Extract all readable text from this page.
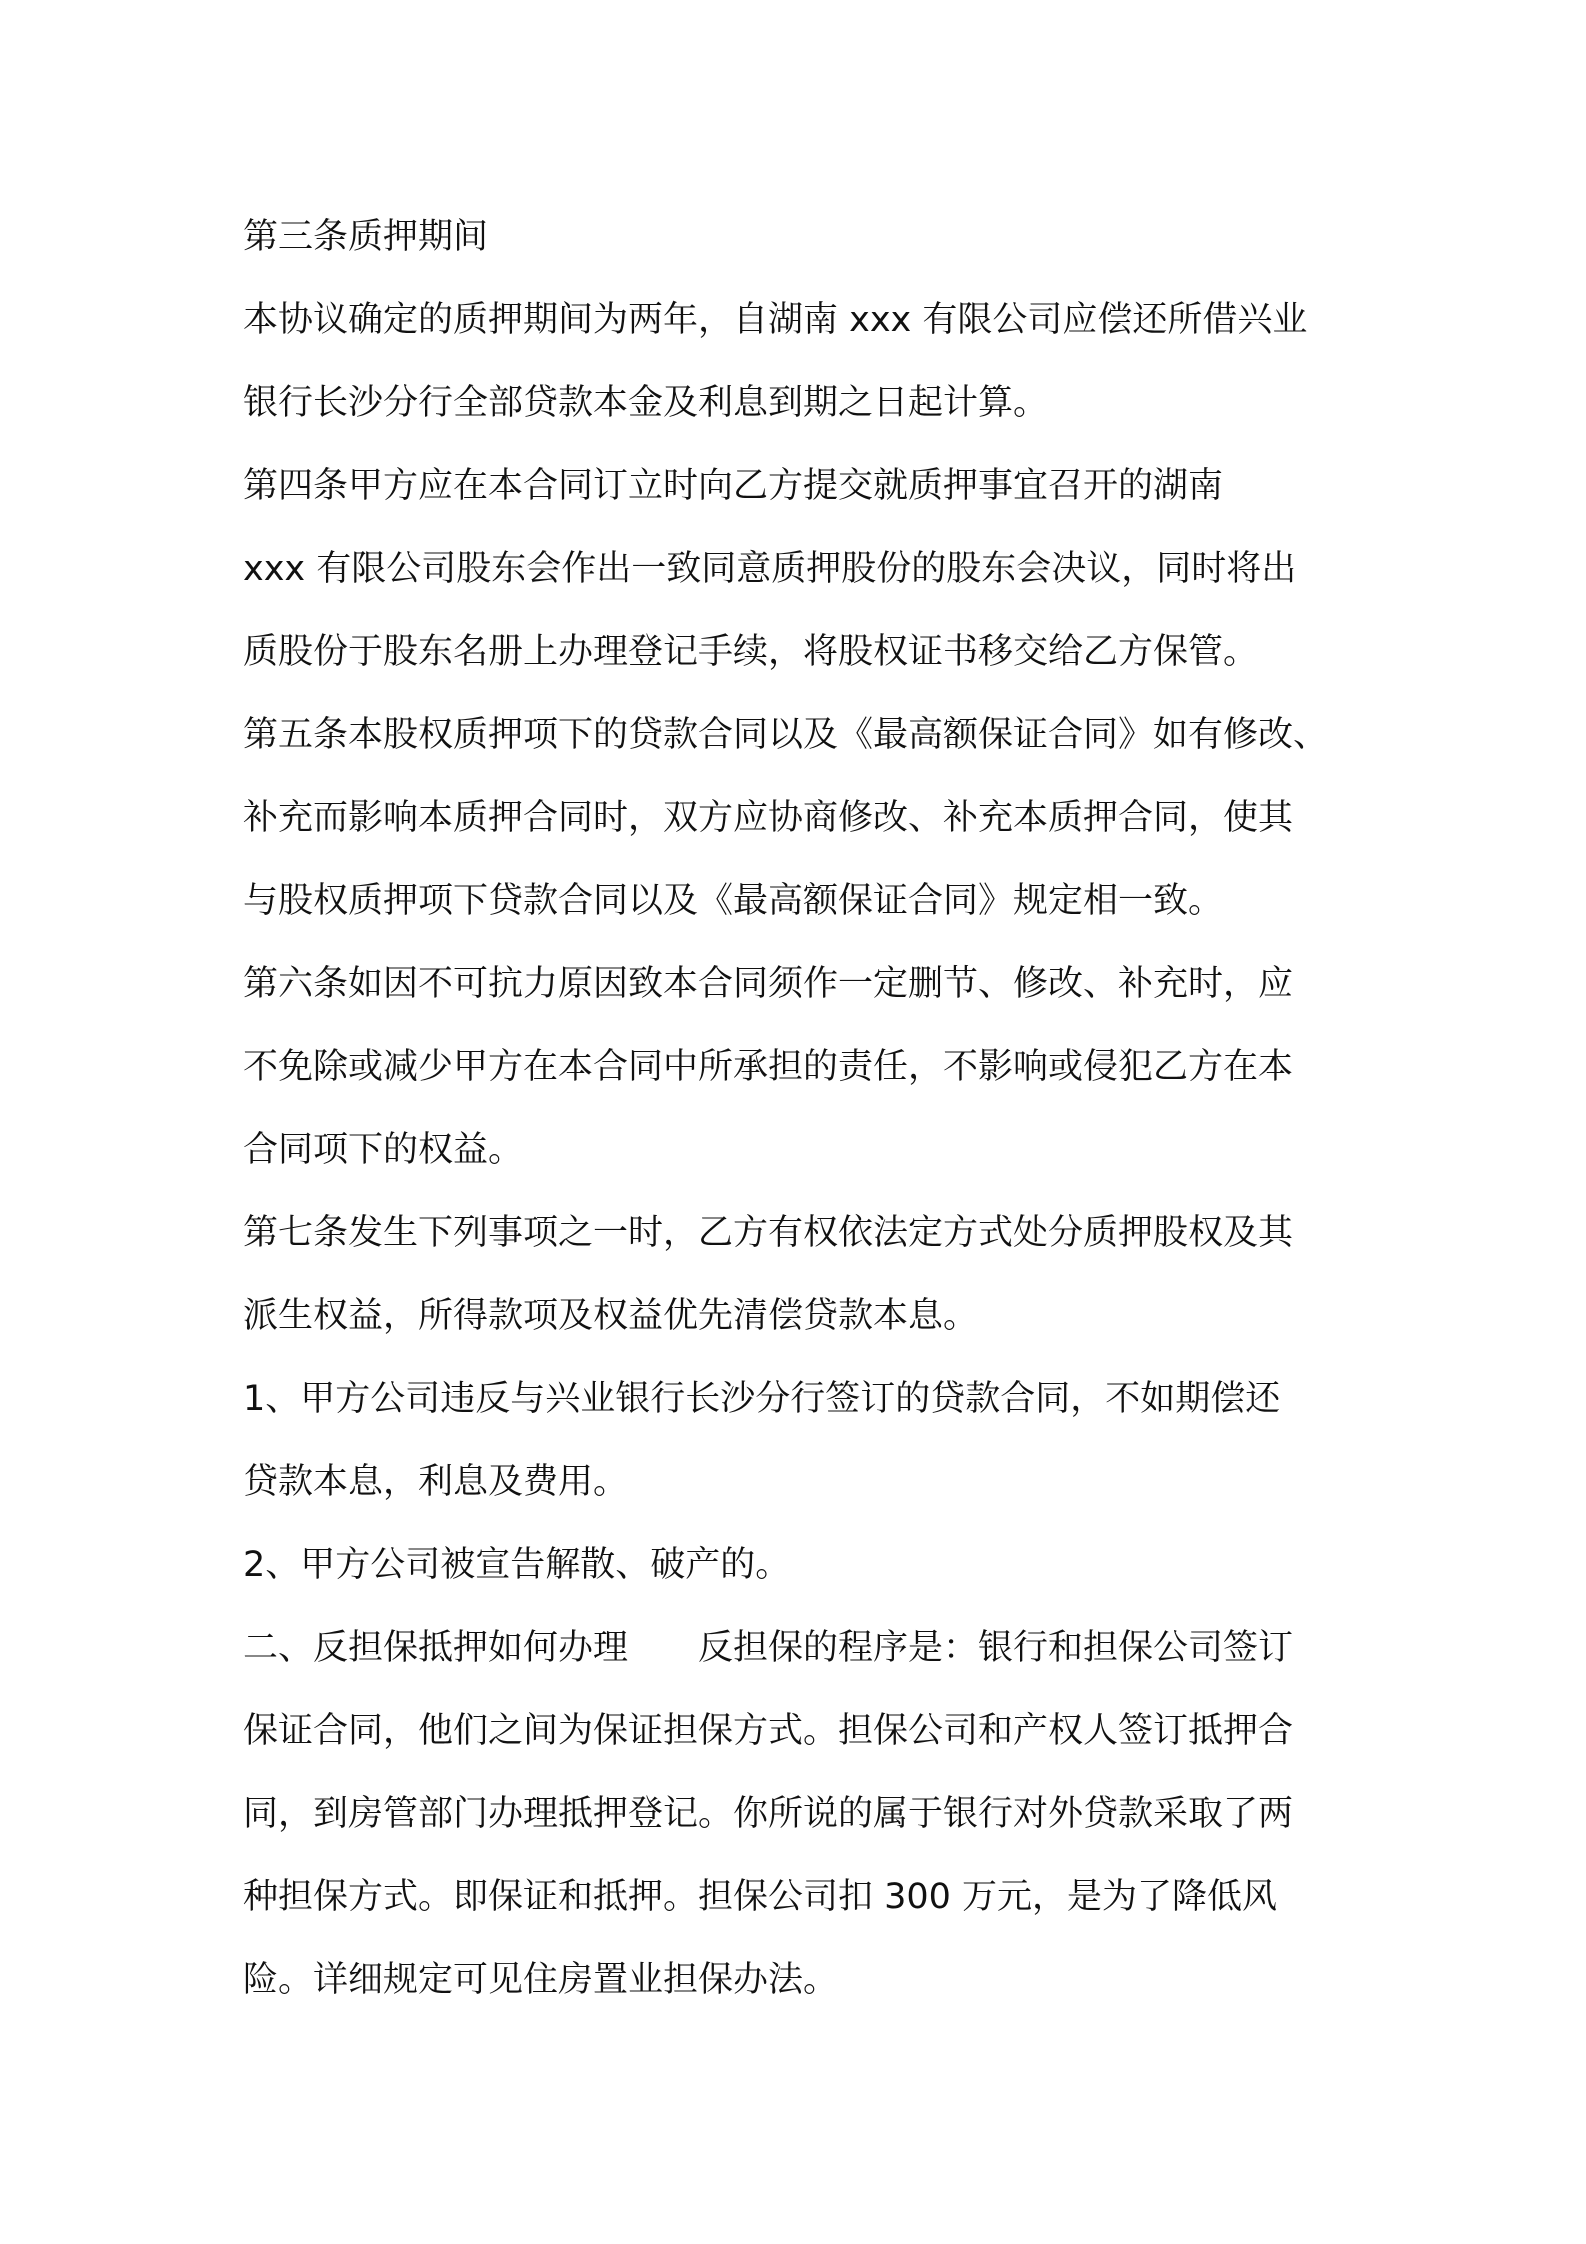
第三条质押期间
本协议确定的质押期间为两年，自湖南 xxx 有限公司应偿还所借兴业
银行长沙分行全部贷款本金及利息到期之日起计算。
第四条甲方应在本合同订立时向乙方提交就质押事宜召开的湖南
xxx 有限公司股东会作出一致同意质押股份的股东会决议，同时将出
质股份于股东名册上办理登记手续，将股权证书移交给乙方保管。
第五条本股权质押项下的贷款合同以及《最高额保证合同》如有修改、
补充而影响本质押合同时，双方应协商修改、补充本质押合同，使其
与股权质押项下贷款合同以及《最高额保证合同》规定相一致。
第六条如因不可抗力原因致本合同须作一定删节、修改、补充时，应
不免除或减少甲方在本合同中所承担的责任，不影响或侵犯乙方在本
合同项下的权益。
第七条发生下列事项之一时，乙方有权依法定方式处分质押股权及其
派生权益，所得款项及权益优先清偿贷款本息。
1、甲方公司违反与兴业银行长沙分行签订的贷款合同，不如期偿还
贷款本息，利息及费用。
2、甲方公司被宣告解散、破产的。
二、反担保抵押如何办理　　反担保的程序是：银行和担保公司签订
保证合同，他们之间为保证担保方式。担保公司和产权人签订抵押合
同，到房管部门办理抵押登记。你所说的属于银行对外贷款采取了两
种担保方式。即保证和抵押。担保公司扣 300 万元，是为了降低风
险。详细规定可见住房置业担保办法。
